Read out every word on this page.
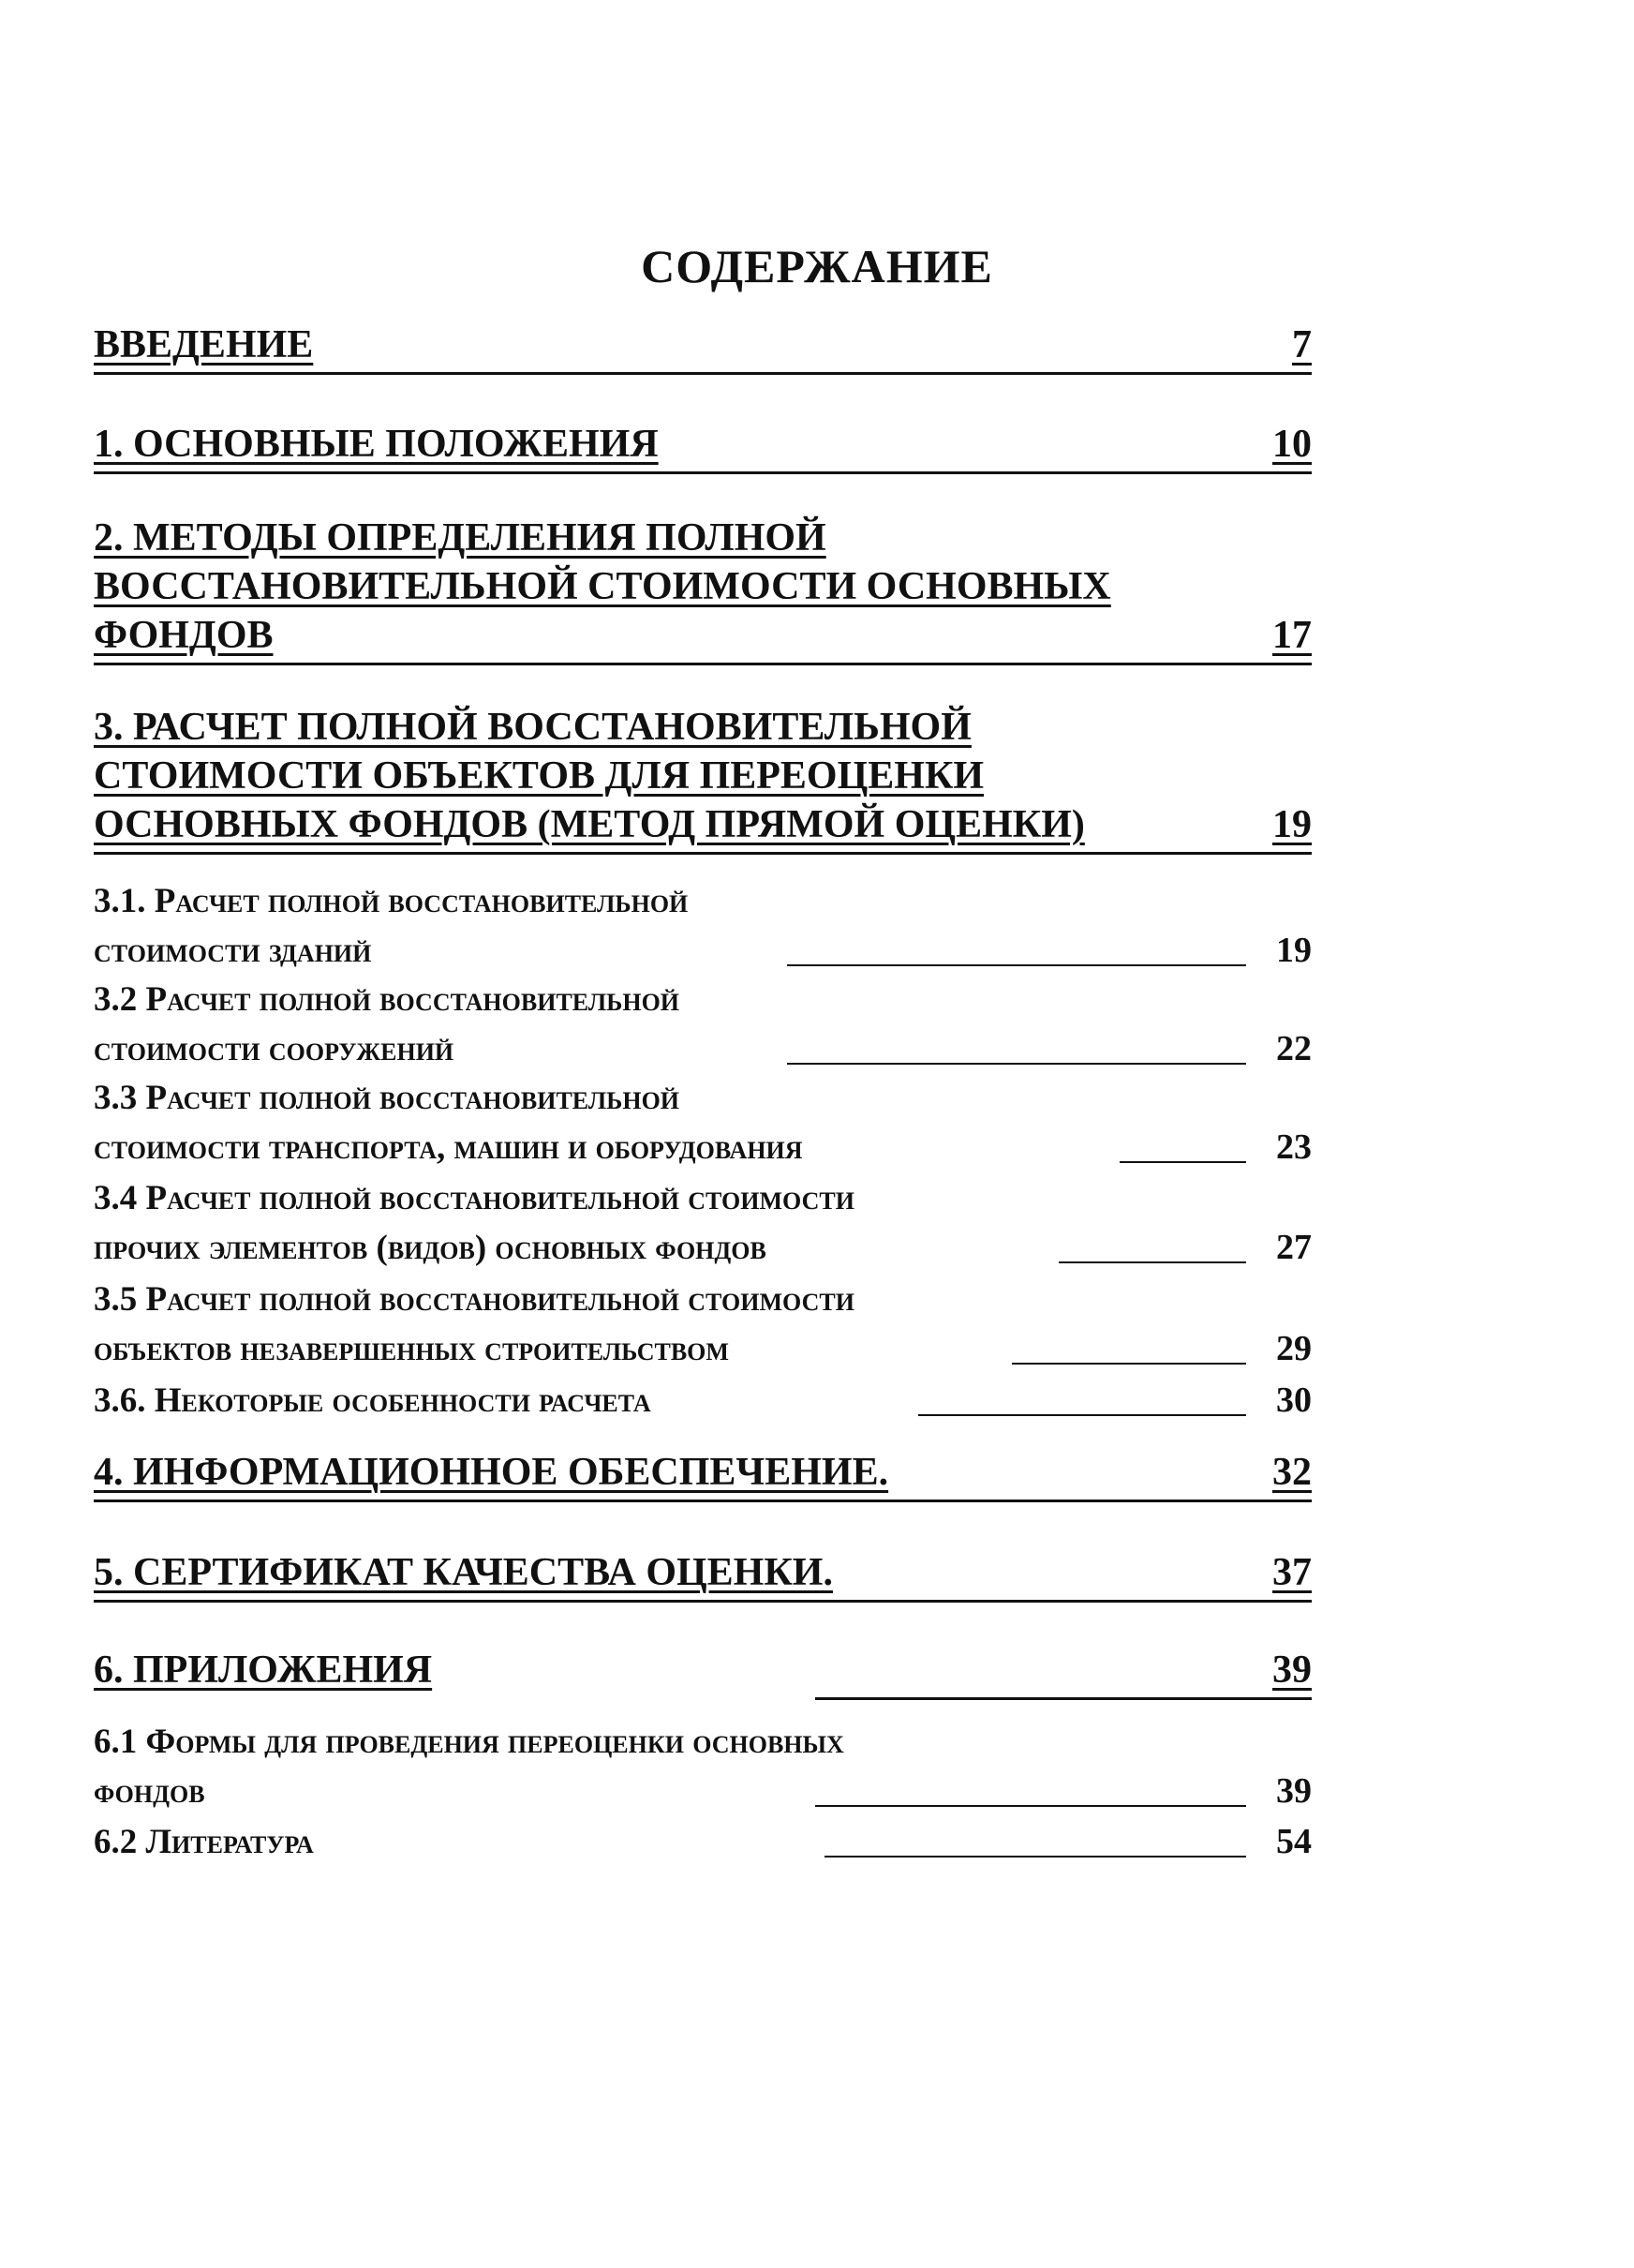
СОДЕРЖАНИЕ
ВВЕДЕНИЕ	7
1. ОСНОВНЫЕ ПОЛОЖЕНИЯ	10
2. МЕТОДЫ ОПРЕДЕЛЕНИЯ ПОЛНОЙ
ВОССТАНОВИТЕЛЬНОЙ СТОИМОСТИ ОСНОВНЫХ
ФОНДОВ	17
3. РАСЧЕТ ПОЛНОЙ ВОССТАНОВИТЕЛЬНОЙ
СТОИМОСТИ ОБЪЕКТОВ ДЛЯ ПЕРЕОЦЕНКИ
ОСНОВНЫХ ФОНДОВ (МЕТОД ПРЯМОЙ ОЦЕНКИ)	19
3.1. Расчет полной восстановительной
стоимости зданий	19
3.2 Расчет полной восстановительной
стоимости сооружений	22
3.3 Расчет полной восстановительной
стоимости транспорта, машин и оборудования	23
3.4 Расчет полной восстановительной стоимости
прочих элементов (видов) основных фондов	27
3.5 Расчет полной восстановительной стоимости
объектов незавершенных строительством	29
3.6. Некоторые особенности расчета	30
4. ИНФОРМАЦИОННОЕ ОБЕСПЕЧЕНИЕ.	32
5. СЕРТИФИКАТ КАЧЕСТВА ОЦЕНКИ.	37
6. ПРИЛОЖЕНИЯ	39
6.1 Формы для проведения переоценки основных
фондов	39
6.2 Литература	54
